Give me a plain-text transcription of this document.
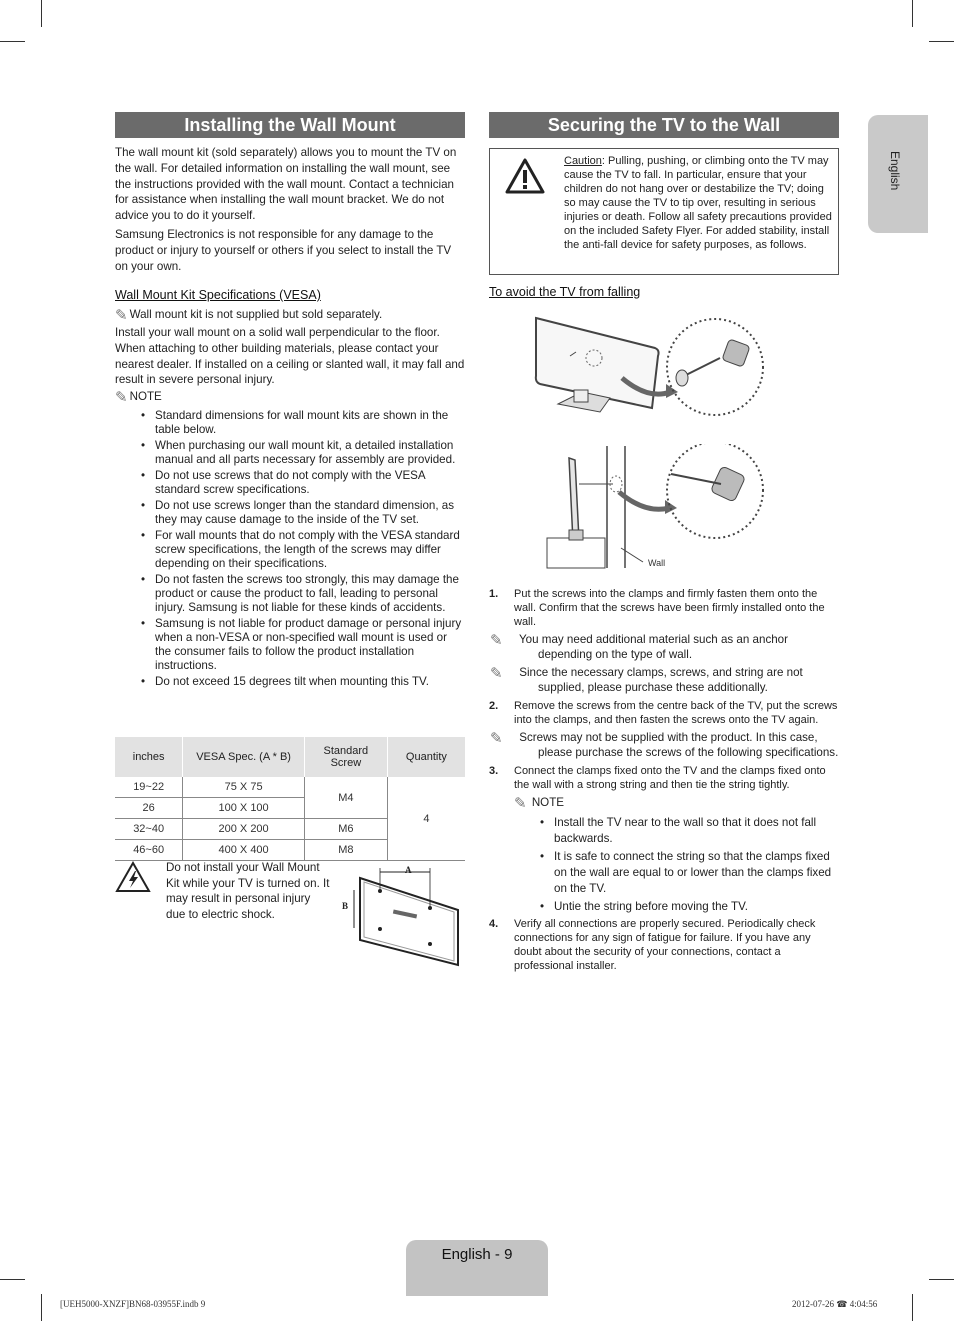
Installing the Wall Mount
The wall mount kit (sold separately) allows you to mount the TV on the wall. For detailed information on installing the wall mount, see the instructions provided with the wall mount. Contact a technician for assistance when installing the wall mount bracket. We do not advice you to do it yourself.
Samsung Electronics is not responsible for any damage to the product or injury to yourself or others if you select to install the TV on your own.
Wall Mount Kit Specifications (VESA)
✎ Wall mount kit is not supplied but sold separately.
Install your wall mount on a solid wall perpendicular to the floor. When attaching to other building materials, please contact your nearest dealer. If installed on a ceiling or slanted wall, it may fall and result in severe personal injury.
✎ NOTE
• Standard dimensions for wall mount kits are shown in the table below.
• When purchasing our wall mount kit, a detailed installation manual and all parts necessary for assembly are provided.
• Do not use screws that do not comply with the VESA standard screw specifications.
• Do not use screws longer than the standard dimension, as they may cause damage to the inside of the TV set.
• For wall mounts that do not comply with the VESA standard screw specifications, the length of the screws may differ depending on their specifications.
• Do not fasten the screws too strongly, this may damage the product or cause the product to fall, leading to personal injury. Samsung is not liable for these kinds of accidents.
• Samsung is not liable for product damage or personal injury when a non-VESA or non-specified wall mount is used or the consumer fails to follow the product installation instructions.
• Do not exceed 15 degrees tilt when mounting this TV.
inches	VESA Spec. (A * B)	Standard Screw	Quantity
19~22	75 X 75	M4	4
26	100 X 100		
32~40	200 X 200	M6	
46~60	400 X 400	M8	
Do not install your Wall Mount Kit while your TV is turned on. It may result in personal injury due to electric shock.
A
B
Securing the TV to the Wall
Caution: Pulling, pushing, or climbing onto the TV may cause the TV to fall. In particular, ensure that your children do not hang over or destabilize the TV; doing so may cause the TV to tip over, resulting in serious injuries or death. Follow all safety precautions provided on the included Safety Flyer. For added stability, install the anti-fall device for safety purposes, as follows.
To avoid the TV from falling
Wall
1. Put the screws into the clamps and firmly fasten them onto the wall. Confirm that the screws have been firmly installed onto the wall.
✎ You may need additional material such as an anchor depending on the type of wall.
✎ Since the necessary clamps, screws, and string are not supplied, please purchase these additionally.
2. Remove the screws from the centre back of the TV, put the screws into the clamps, and then fasten the screws onto the TV again.
✎ Screws may not be supplied with the product. In this case, please purchase the screws of the following specifications.
3. Connect the clamps fixed onto the TV and the clamps fixed onto the wall with a strong string and then tie the string tightly.
✎ NOTE
• Install the TV near to the wall so that it does not fall backwards.
• It is safe to connect the string so that the clamps fixed on the wall are equal to or lower than the clamps fixed on the TV.
• Untie the string before moving the TV.
4. Verify all connections are properly secured. Periodically check connections for any sign of fatigue for failure. If you have any doubt about the security of your connections, contact a professional installer.
English
English - 9
[UEH5000-XNZF]BN68-03955F.indb 9	2012-07-26 ☎ 4:04:56
